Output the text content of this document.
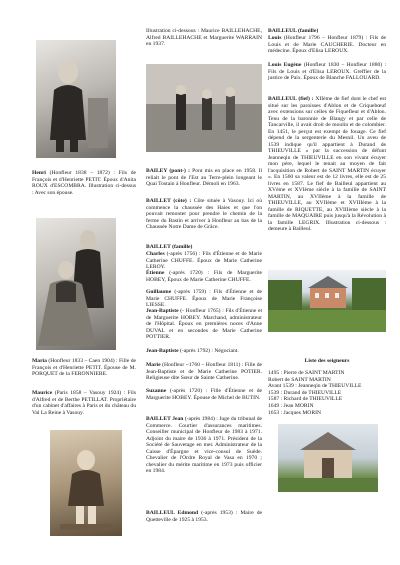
Henri (Honfleur 1838 – 1872) : Fils de François et d'Henriette PETIT. Époux d'Anita ROUX d'ESCOMBRA. Illustration ci-dessus : Avec son épouse.

Maria (Honfleur 1833 – Caen 1904) : Fille de François et d'Henriette PETIT. Épouse de M. PORQUET de la FERONNIERE.

Maurice (Paris 1858 – Vasouy 1924) : Fils d'Alfred et de Berthe PETILLAT. Propriétaire d'un cabinet d'affaires à Paris et du château du Val La Reine à Vasouy.

Illustration ci-dessous : Maurice BAILLEHACHE, Alfred BAILLEHACHE et Marguerite WARRAIN en 1937.

BAILEY (pont-) : Pont mis en place en 1958. Il reliait le pont de l'Est au Terre-plein longeant le Quai Tostain à Honfleur. Démoli en 1963.

BAILLET (côte) : Côte située à Vasouy. Ici où commence la chaussée des Haies et que l'on pouvait remonter pour prendre le chemin de la ferme du Bastin et arriver à Honfleur au bas de la Chaussée Notre Dame de Grâce.

BAILLET (famille)

Charles (-après 1756) : Fils d'Étienne et de Marie Catherine CHUFFE. Époux de Marie Catherine LEROY.

Étienne (-après 1720) : Fils de Marguerite HOBEY, Époux de Marie Catherine CHUFFE.

Guillaume (-après 1759) : Fils d'Étienne et de Marie CHUFFE. Époux de Marie Françoise LIESSE.

Jean-Baptiste (- Honfleur 1765) : Fils d'Étienne et de Marguerite HOBEY. Marchand, administrateur de l'Hôpital. Époux en premières noces d'Anne DUVAL et en secondes de Marie Catherine POTTIER.

Jean-Baptiste (-après 1792) : Négociant.

Marie (Honfleur ~1760 – Honfleur 1811) : Fille de Jean-Baptiste et de Marie Catherine POTIER. Religieuse dite Sœur de Sainte Catherine.

Suzanne (-après 1720) : Fille d'Étienne et de Marguerite HOBEY. Épouse de Michel de BUTIN.

BAILLET Jean (-après 1984) : Juge du tribunal de Commerce. Courtier d'assurances maritimes. Conseiller municipal de Honfleur de 1983 à 1971. Adjoint du maire de 1936 à 1971. Président de la Société de Sauvetage en mer. Administrateur de la Caisse d'Épargne et vice-consul de Suède. Chevalier de l'Ordre Royal de Vasa en 1970 ; chevalier du mérite maritime en 1973 puis officier en 1984.

BAILLEUL Edmond (-après 1953) : Maire de Quetteville de 1925 à 1953.

BAILLEUL (famille)

Louis (Honfleur 1796 – Honfleur 1879) : Fils de Louis et de Marie CAUCHERIE. Docteur en médecine. Époux d'Elisa LEROUX.

Louis Eugène (Honfleur 1830 – Honfleur 1880) : Fils de Louis et d'Elisa LEROUX. Greffier de la justice de Paix. Époux de Blanche FALLOUARD.

BAILLEUL (fief) : XIIème de fief dont le chef est situé sur les paroisses d'Ablon et de Criquebœuf avec extensions sur celles de Fiquefleur et d'Ablon. Tenu de la baronnie de Blangy et par celle de Tancarville, il avait droit de moulin et de colombier. En 1451, le perçut est exempt de fouage. Ce fief dépend de la sergenterie du Mesnil. Un aveu de 1539 indique qu'il appartient à Durand de THIEUVILLE « par la succession de défunt Jeanneqin de THIEUVILLE en son vivant écuyer mon père, lequel le tenait au moyen de fait l'acquisition de Robert de SAINT MARTIN écuyer ». En 1560 sa valeur est de 12 livres, elle est de 25 livres en 1587. Le fief de Bailleul appartient au XVème et XVIème siècle à la famille de SAINT MARTIN, au XVIIème à la famille de THIEUVILLE, au XVIIème et XVIIIème à la famille de RIQUETTE, au XVIIIème siècle à la famille de MAQUAIRE puis jusqu'à la Révolution à la famille LEGRIX. Illustration ci-dessous : demeure à Bailleul.

Liste des seigneurs

1495 : Pierre de SAINT MARTIN
Robert de SAINT MARTIN
Avant 1539 : Jeanneqin de THIEUVILLE
1539 : Durand de THIEUVILLE
1587 : Richard de THIEUVILLE
1649 : Jean MORIN
1653 : Jacques MORIN
